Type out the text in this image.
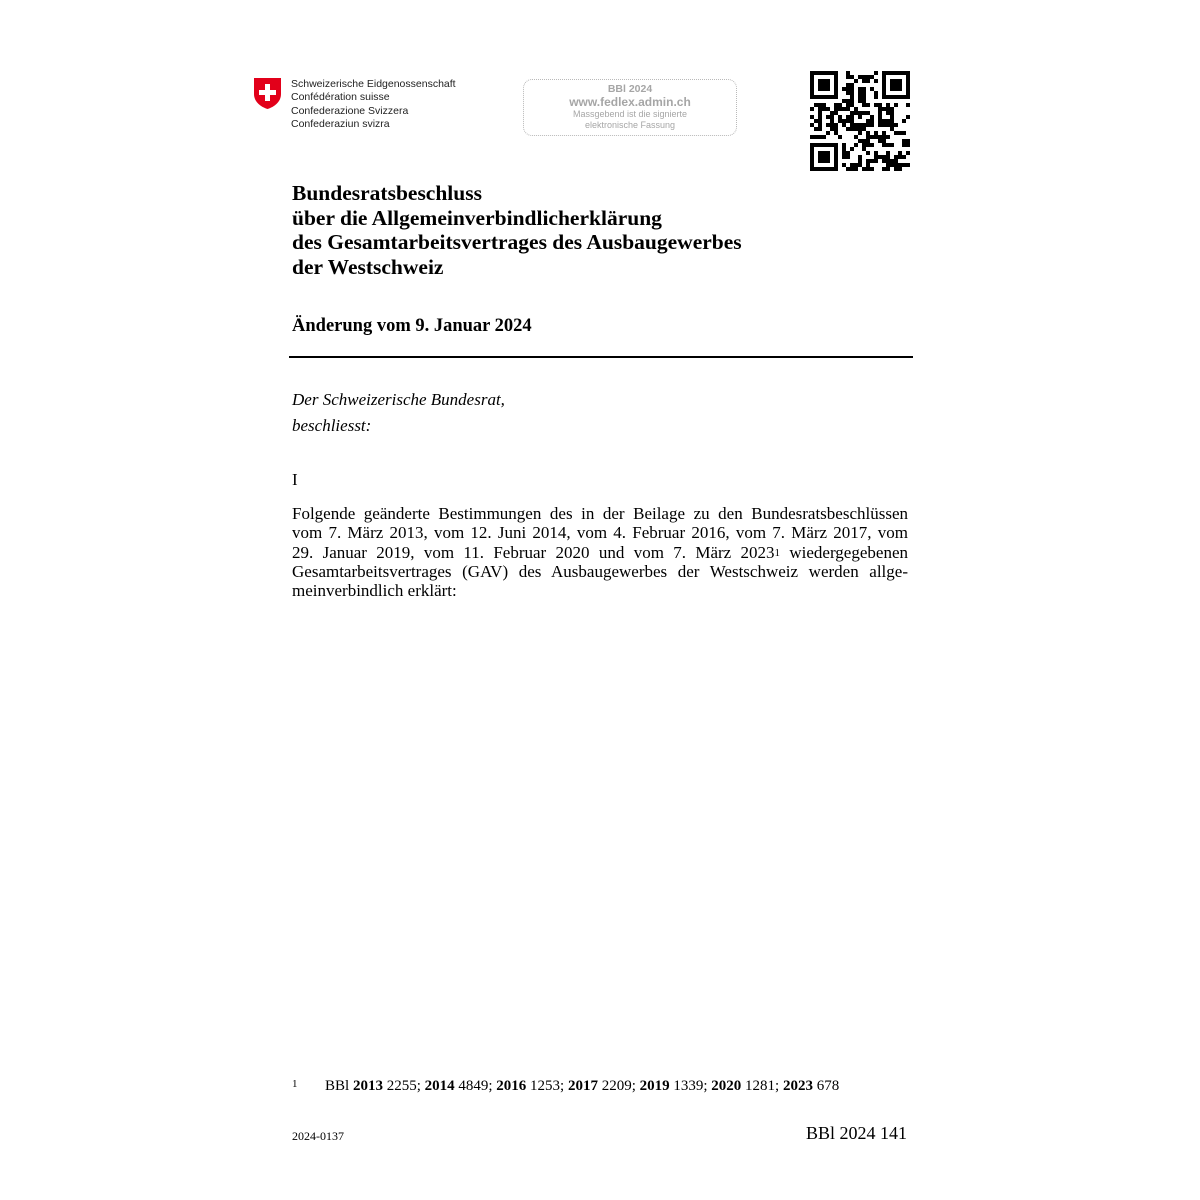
Schweizerische Eidgenossenschaft
Confédération suisse
Confederazione Svizzera
Confederaziun svizra
BBl 2024
www.fedlex.admin.ch
Massgebend ist die signierte
elektronische Fassung
Bundesratsbeschluss
über die Allgemeinverbindlicherklärung
des Gesamtarbeitsvertrages des Ausbaugewerbes
der Westschweiz
Änderung vom 9. Januar 2024
Der Schweizerische Bundesrat,
beschliesst:
I
Folgende geänderte Bestimmungen des in der Beilage zu den Bundesratsbeschlüssen
vom 7. März 2013, vom 12. Juni 2014, vom 4. Februar 2016, vom 7. März 2017, vom
29. Januar 2019, vom 11. Februar 2020 und vom 7. März 2023$^1$ wiedergegebenen
Gesamtarbeitsvertrages (GAV) des Ausbaugewerbes der Westschweiz werden allge-
meinverbindlich erklärt:
1 BBl 2013 2255; 2014 4849; 2016 1253; 2017 2209; 2019 1339; 2020 1281; 2023 678
2024-0137	BBl 2024 141
